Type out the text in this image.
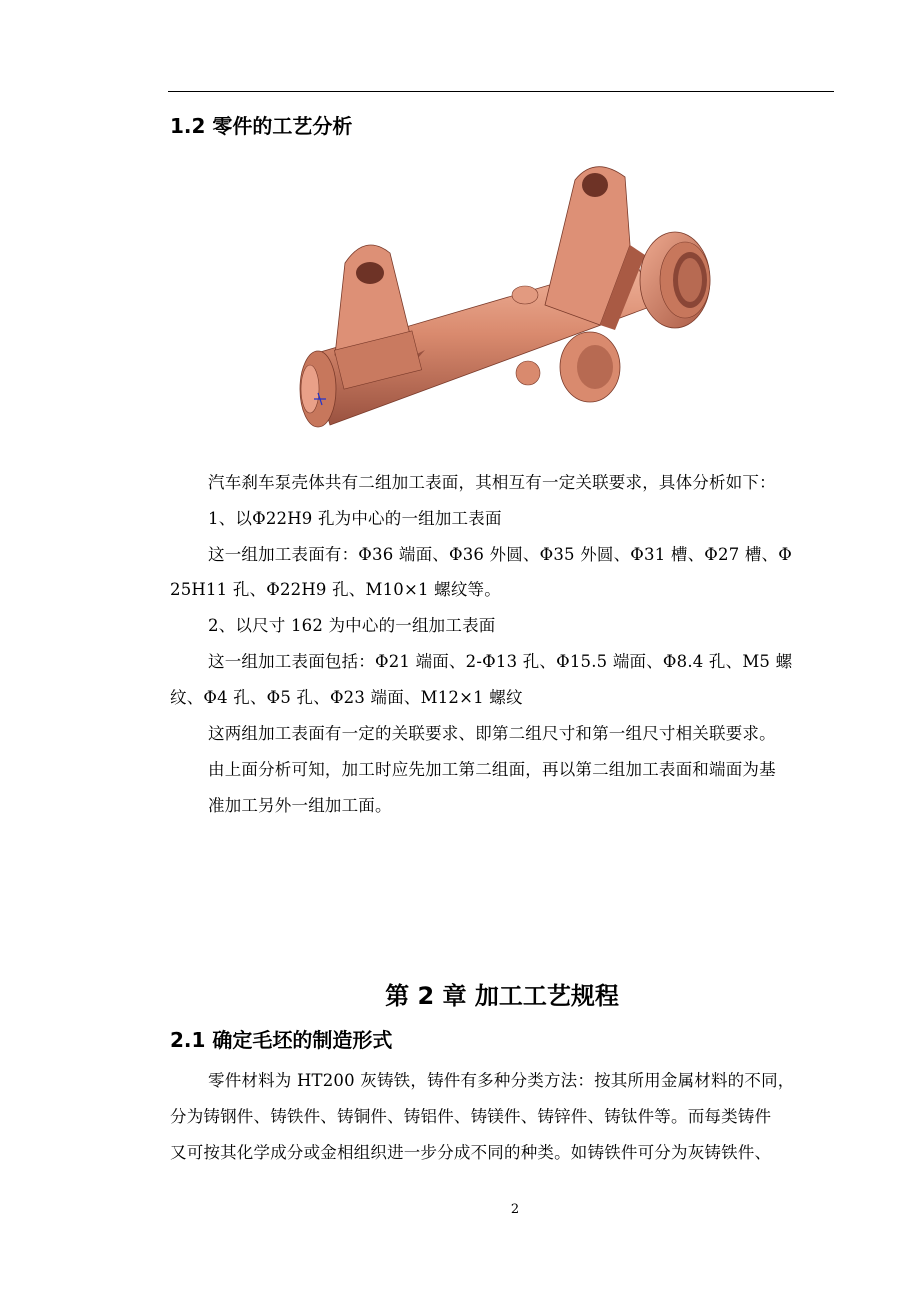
1.2 零件的工艺分析
汽车刹车泵壳体共有二组加工表面，其相互有一定关联要求，具体分析如下：
1、以Φ22H9 孔为中心的一组加工表面
这一组加工表面有：Φ36 端面、Φ36 外圆、Φ35 外圆、Φ31 槽、Φ27 槽、Φ
25H11 孔、Φ22H9 孔、M10×1 螺纹等。
2、以尺寸 162 为中心的一组加工表面
这一组加工表面包括：Φ21 端面、2-Φ13 孔、Φ15.5 端面、Φ8.4 孔、M5 螺
纹、Φ4 孔、Φ5 孔、Φ23 端面、M12×1 螺纹
这两组加工表面有一定的关联要求、即第二组尺寸和第一组尺寸相关联要求。
由上面分析可知，加工时应先加工第二组面，再以第二组加工表面和端面为基
准加工另外一组加工面。
第 2 章 加工工艺规程
2.1 确定毛坯的制造形式
零件材料为 HT200 灰铸铁，铸件有多种分类方法：按其所用金属材料的不同，
分为铸钢件、铸铁件、铸铜件、铸铝件、铸镁件、铸锌件、铸钛件等。而每类铸件
又可按其化学成分或金相组织进一步分成不同的种类。如铸铁件可分为灰铸铁件、
2
